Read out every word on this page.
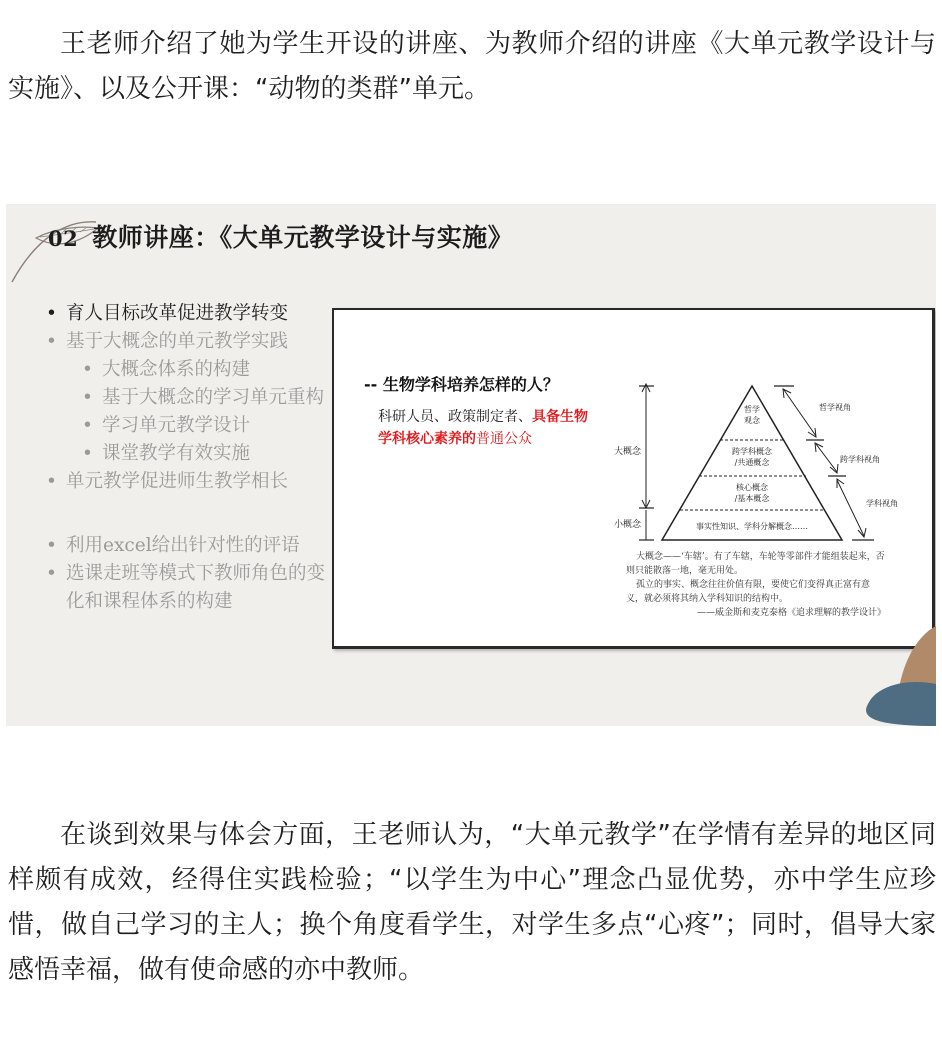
王老师介绍了她为学生开设的讲座、为教师介绍的讲座《大单元教学设计与实施》、以及公开课：“动物的类群”单元。

02 教师讲座：《大单元教学设计与实施》
• 育人目标改革促进教学转变
• 基于大概念的单元教学实践
• 大概念体系的构建
• 基于大概念的学习单元重构
• 学习单元教学设计
• 课堂教学有效实施
• 单元教学促进师生教学相长
• 利用excel给出针对性的评语
• 选课走班等模式下教师角色的变化和课程体系的构建
-- 生物学科培养怎样的人？
科研人员、政策制定者、具备生物学科核心素养的普通公众
大概念
小概念
哲学观念
跨学科概念/共通概念
核心概念/基本概念
事实性知识、学科分解概念……
哲学视角
跨学科视角
学科视角

大概念——‘车辖’。有了车辖，车轮等零部件才能组装起来，否则只能散落一地，毫无用处。

孤立的事实、概念往往价值有限，要使它们变得真正富有意义，就必须将其纳入学科知识的结构中。

——威金斯和麦克泰格《追求理解的教学设计》

在谈到效果与体会方面，王老师认为，“大单元教学”在学情有差异的地区同样颇有成效，经得住实践检验；“以学生为中心”理念凸显优势，亦中学生应珍惜，做自己学习的主人；换个角度看学生，对学生多点“心疼”；同时，倡导大家感悟幸福，做有使命感的亦中教师。
